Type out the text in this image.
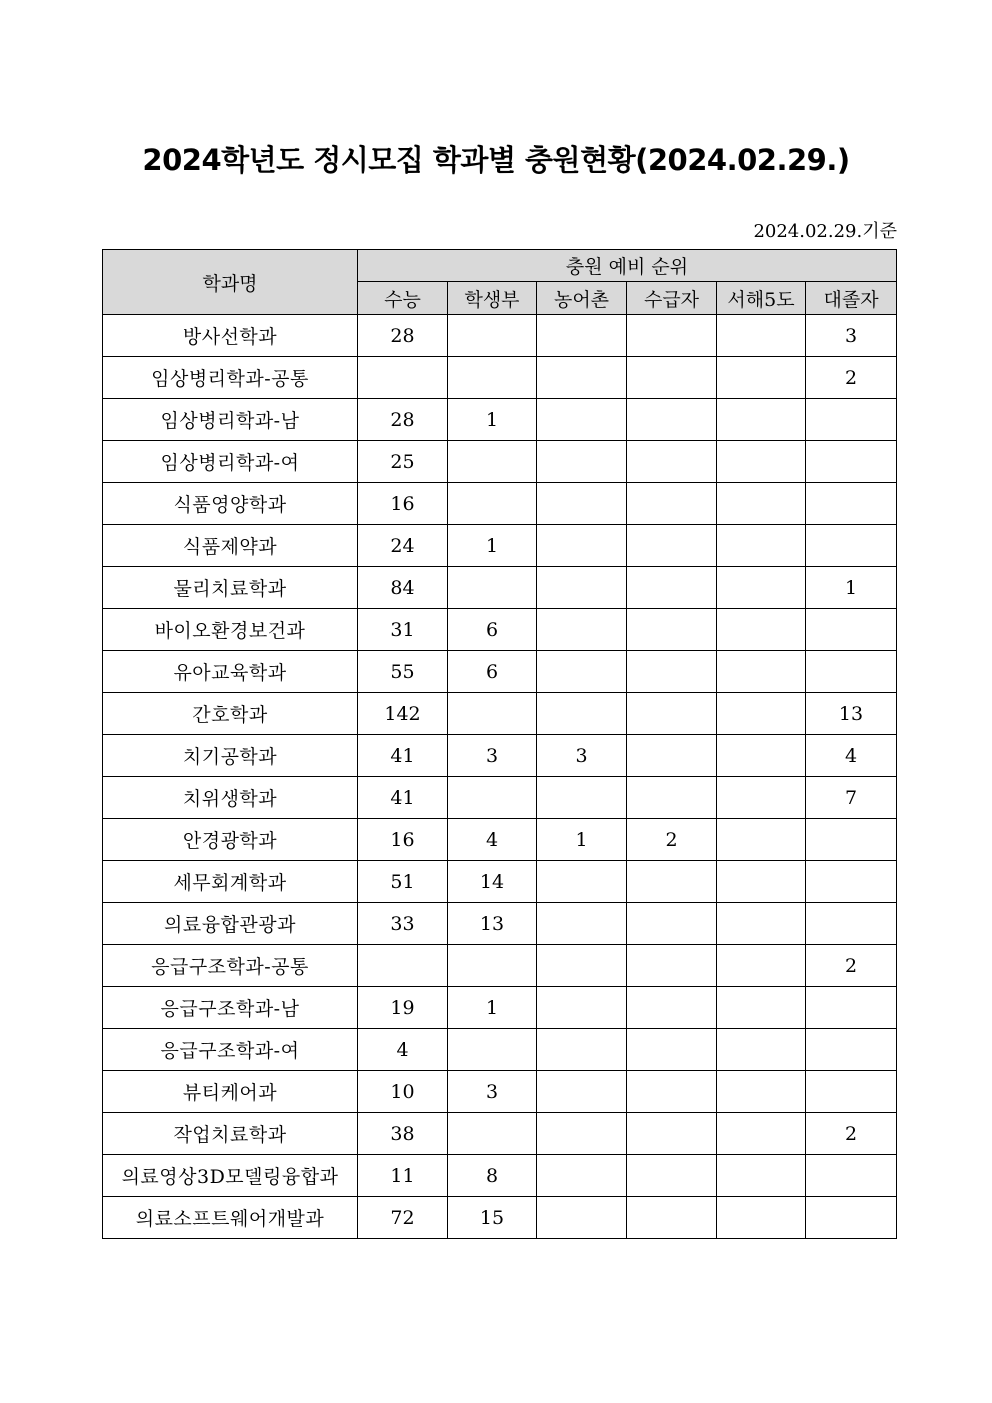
2024학년도 정시모집 학과별 충원현황(2024.02.29.)
2024.02.29.기준
학과명	충원 예비 순위					
	수능	학생부	농어촌	수급자	서해5도	대졸자
방사선학과	28					3
임상병리학과-공통						2
임상병리학과-남	28	1				
임상병리학과-여	25					
식품영양학과	16					
식품제약과	24	1				
물리치료학과	84					1
바이오환경보건과	31	6				
유아교육학과	55	6				
간호학과	142					13
치기공학과	41	3	3			4
치위생학과	41					7
안경광학과	16	4	1	2		
세무회계학과	51	14				
의료융합관광과	33	13				
응급구조학과-공통						2
응급구조학과-남	19	1				
응급구조학과-여	4					
뷰티케어과	10	3				
작업치료학과	38					2
의료영상3D모델링융합과	11	8				
의료소프트웨어개발과	72	15				
